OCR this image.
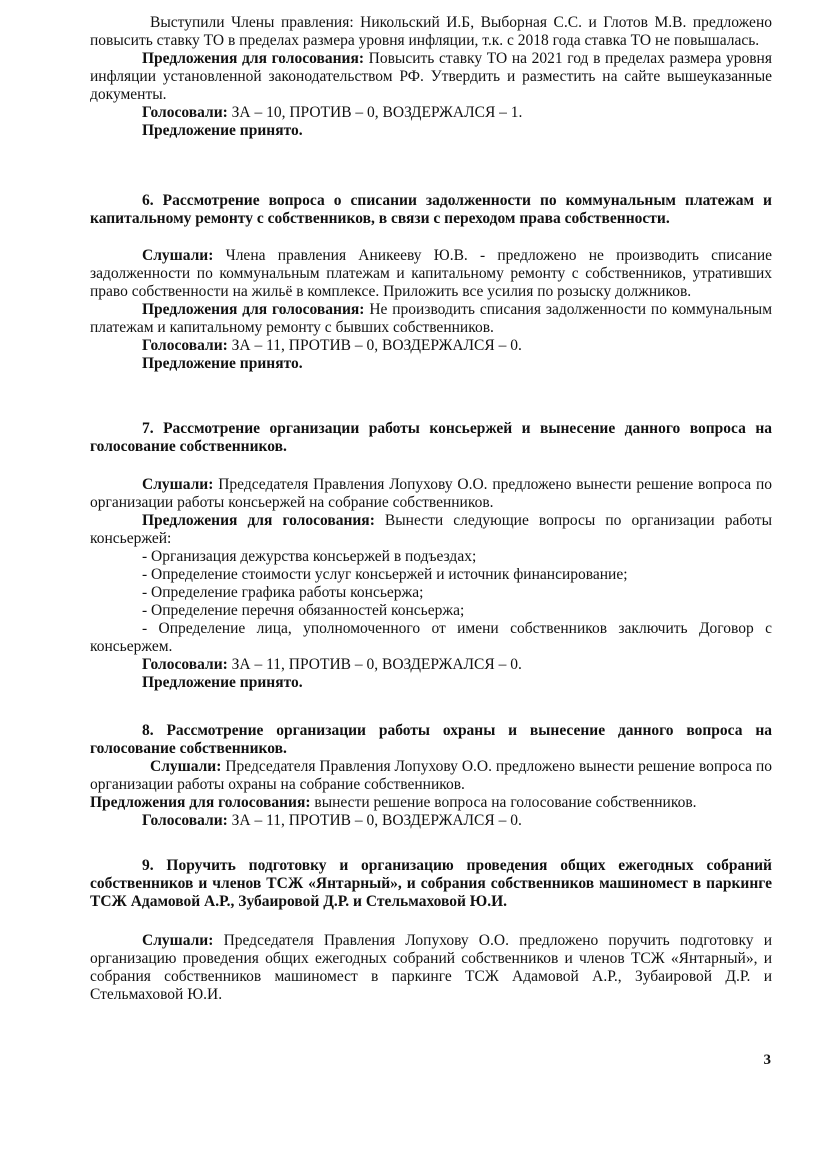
Выступили Члены правления: Никольский И.Б, Выборная С.С. и Глотов М.В. предложено повысить ставку ТО в пределах размера уровня инфляции, т.к. с 2018 года ставка ТО не повышалась.

Предложения для голосования: Повысить ставку ТО на 2021 год в пределах размера уровня инфляции установленной законодательством РФ. Утвердить и разместить на сайте вышеуказанные документы.

Голосовали: ЗА – 10, ПРОТИВ – 0, ВОЗДЕРЖАЛСЯ – 1.

Предложение принято.

6. Рассмотрение вопроса о списании задолженности по коммунальным платежам и капитальному ремонту с собственников, в связи с переходом права собственности.

Слушали: Члена правления Аникееву Ю.В. - предложено не производить списание задолженности по коммунальным платежам и капитальному ремонту с собственников, утративших право собственности на жильё в комплексе. Приложить все усилия по розыску должников.

Предложения для голосования: Не производить списания задолженности по коммунальным платежам и капитальному ремонту с бывших собственников.

Голосовали: ЗА – 11, ПРОТИВ – 0, ВОЗДЕРЖАЛСЯ – 0.

Предложение принято.

7. Рассмотрение организации работы консьержей и вынесение данного вопроса на голосование собственников.

Слушали: Председателя Правления Лопухову О.О. предложено вынести решение вопроса по организации работы консьержей на собрание собственников.

Предложения для голосования: Вынести следующие вопросы по организации работы консьержей:

- Организация дежурства консьержей в подъездах;

- Определение стоимости услуг консьержей и источник финансирование;

- Определение графика работы консьержа;

- Определение перечня обязанностей консьержа;

- Определение лица, уполномоченного от имени собственников заключить Договор с консьержем.

Голосовали: ЗА – 11, ПРОТИВ – 0, ВОЗДЕРЖАЛСЯ – 0.

Предложение принято.

8. Рассмотрение организации работы охраны и вынесение данного вопроса на голосование собственников.

Слушали: Председателя Правления Лопухову О.О. предложено вынести решение вопроса по организации работы охраны на собрание собственников.

Предложения для голосования: вынести решение вопроса на голосование собственников.

Голосовали: ЗА – 11, ПРОТИВ – 0, ВОЗДЕРЖАЛСЯ – 0.

9. Поручить подготовку и организацию проведения общих ежегодных собраний собственников и членов ТСЖ «Янтарный», и собрания собственников машиномест в паркинге ТСЖ Адамовой А.Р., Зубаировой Д.Р. и Стельмаховой Ю.И.

Слушали: Председателя Правления Лопухову О.О. предложено поручить подготовку и организацию проведения общих ежегодных собраний собственников и членов ТСЖ «Янтарный», и собрания собственников машиномест в паркинге ТСЖ Адамовой А.Р., Зубаировой Д.Р. и Стельмаховой Ю.И.

3
